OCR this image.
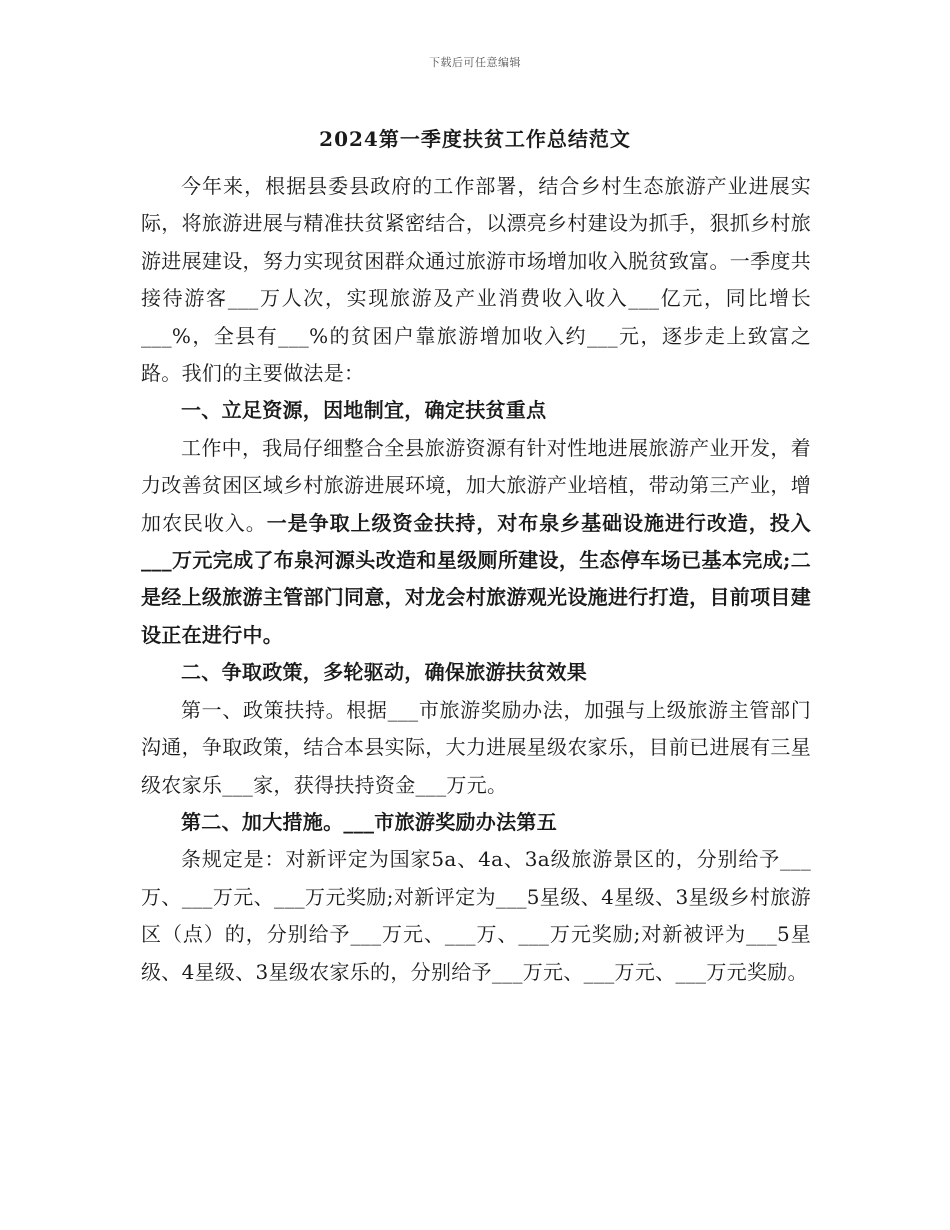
下载后可任意编辑
2024第一季度扶贫工作总结范文

今年来，根据县委县政府的工作部署，结合乡村生态旅游产业进展实际，将旅游进展与精准扶贫紧密结合，以漂亮乡村建设为抓手，狠抓乡村旅游进展建设，努力实现贫困群众通过旅游市场增加收入脱贫致富。一季度共接待游客___万人次，实现旅游及产业消费收入收入___亿元，同比增长___%，全县有___%的贫困户靠旅游增加收入约___元，逐步走上致富之路。我们的主要做法是：

一、立足资源，因地制宜，确定扶贫重点

工作中，我局仔细整合全县旅游资源有针对性地进展旅游产业开发，着力改善贫困区域乡村旅游进展环境，加大旅游产业培植，带动第三产业，增加农民收入。一是争取上级资金扶持，对布泉乡基础设施进行改造，投入___万元完成了布泉河源头改造和星级厕所建设，生态停车场已基本完成;二是经上级旅游主管部门同意，对龙会村旅游观光设施进行打造，目前项目建设正在进行中。

二、争取政策，多轮驱动，确保旅游扶贫效果

第一、政策扶持。根据___市旅游奖励办法，加强与上级旅游主管部门沟通，争取政策，结合本县实际，大力进展星级农家乐，目前已进展有三星级农家乐___家，获得扶持资金___万元。

第二、加大措施。___市旅游奖励办法第五

条规定是：对新评定为国家5a、4a、3a级旅游景区的，分别给予___万、___万元、___万元奖励;对新评定为___5星级、4星级、3星级乡村旅游区（点）的，分别给予___万元、___万、___万元奖励;对新被评为___5星级、4星级、3星级农家乐的，分别给予___万元、___万元、___万元奖励。
